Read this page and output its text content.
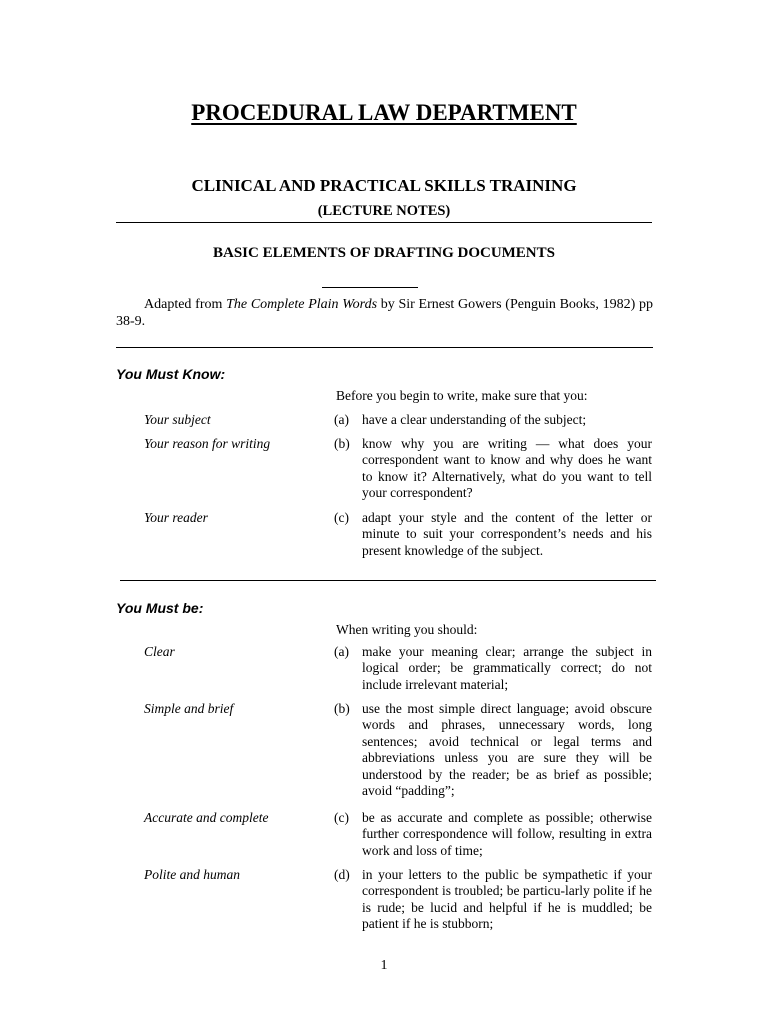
PROCEDURAL LAW DEPARTMENT
CLINICAL AND PRACTICAL SKILLS TRAINING
(LECTURE NOTES)
BASIC ELEMENTS OF DRAFTING DOCUMENTS
Adapted from The Complete Plain Words by Sir Ernest Gowers (Penguin Books, 1982) pp 38-9.
You Must Know:
Before you begin to write, make sure that you:
Your subject	(a) have a clear understanding of the subject;
Your reason for writing	(b) know why you are writing — what does your correspondent want to know and why does he want to know it? Alternatively, what do you want to tell your correspondent?
Your reader	(c) adapt your style and the content of the letter or minute to suit your correspondent’s needs and his present knowledge of the subject.
You Must be:
When writing you should:
Clear	(a) make your meaning clear; arrange the subject in logical order; be grammatically correct; do not include irrelevant material;
Simple and brief	(b) use the most simple direct language; avoid obscure words and phrases, unnecessary words, long sentences; avoid technical or legal terms and abbreviations unless you are sure they will be understood by the reader; be as brief as possible; avoid “padding”;
Accurate and complete	(c) be as accurate and complete as possible; otherwise further correspondence will follow, resulting in extra work and loss of time;
Polite and human	(d) in your letters to the public be sympathetic if your correspondent is troubled; be particu-larly polite if he is rude; be lucid and helpful if he is muddled; be patient if he is stubborn;
1
